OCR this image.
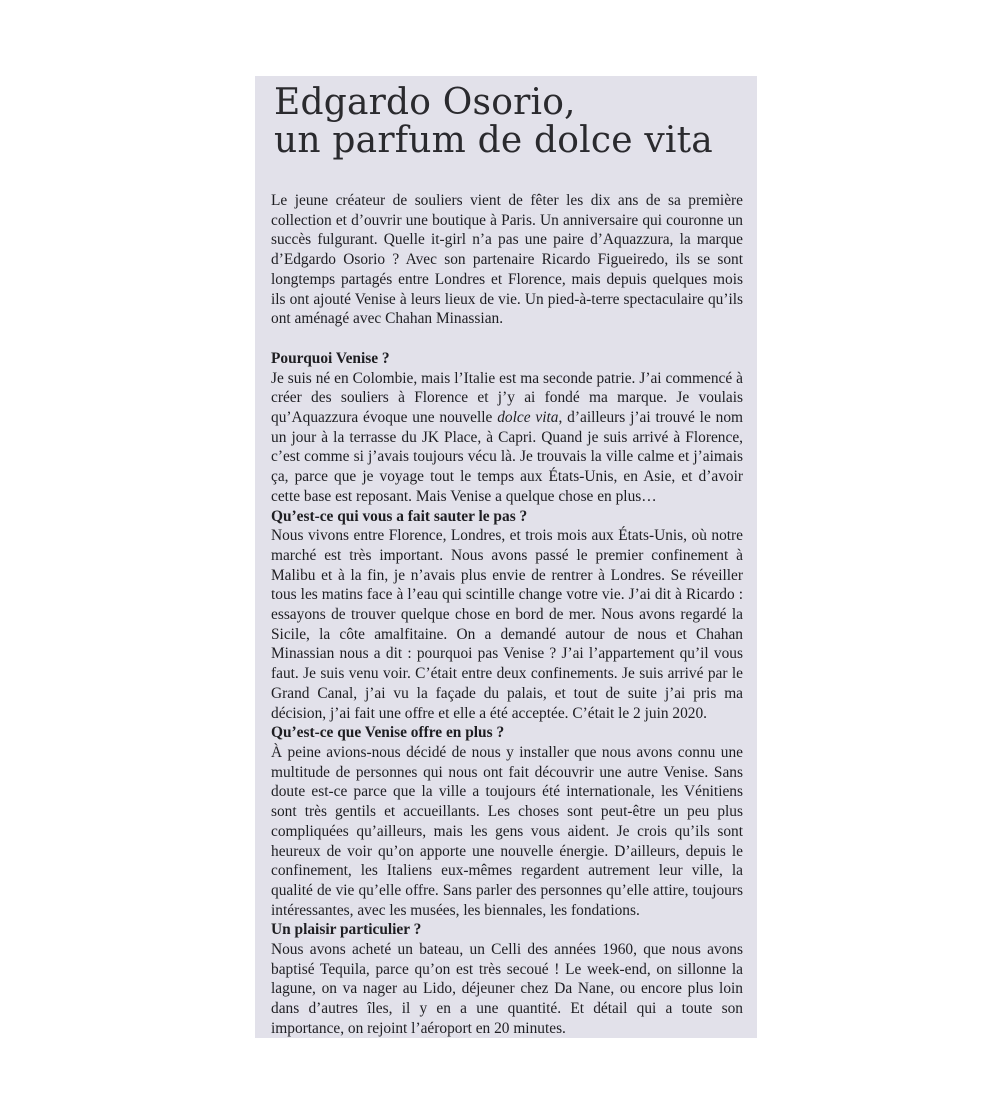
Edgardo Osorio,
un parfum de dolce vita

Le jeune créateur de souliers vient de fêter les dix ans de sa première collection et d’ouvrir une boutique à Paris. Un anniversaire qui couronne un succès fulgurant. Quelle it-girl n’a pas une paire d’Aquazzura, la marque d’Edgardo Osorio ? Avec son partenaire Ricardo Figueiredo, ils se sont longtemps partagés entre Londres et Florence, mais depuis quelques mois ils ont ajouté Venise à leurs lieux de vie. Un pied-à-terre spectaculaire qu’ils ont aménagé avec Chahan Minassian.

Pourquoi Venise ?
Je suis né en Colombie, mais l’Italie est ma seconde patrie. J’ai commencé à créer des souliers à Florence et j’y ai fondé ma marque. Je voulais qu’Aquazzura évoque une nouvelle dolce vita, d’ailleurs j’ai trouvé le nom un jour à la terrasse du JK Place, à Capri. Quand je suis arrivé à Florence, c’est comme si j’avais toujours vécu là. Je trouvais la ville calme et j’aimais ça, parce que je voyage tout le temps aux États-Unis, en Asie, et d’avoir cette base est reposant. Mais Venise a quelque chose en plus…
Qu’est-ce qui vous a fait sauter le pas ?
Nous vivons entre Florence, Londres, et trois mois aux États-Unis, où notre marché est très important. Nous avons passé le premier confinement à Malibu et à la fin, je n’avais plus envie de rentrer à Londres. Se réveiller tous les matins face à l’eau qui scintille change votre vie. J’ai dit à Ricardo : essayons de trouver quelque chose en bord de mer. Nous avons regardé la Sicile, la côte amalfitaine. On a demandé autour de nous et Chahan Minassian nous a dit : pourquoi pas Venise ? J’ai l’appartement qu’il vous faut. Je suis venu voir. C’était entre deux confinements. Je suis arrivé par le Grand Canal, j’ai vu la façade du palais, et tout de suite j’ai pris ma décision, j’ai fait une offre et elle a été acceptée. C’était le 2 juin 2020.
Qu’est-ce que Venise offre en plus ?
À peine avions-nous décidé de nous y installer que nous avons connu une multitude de personnes qui nous ont fait découvrir une autre Venise. Sans doute est-ce parce que la ville a toujours été internationale, les Vénitiens sont très gentils et accueillants. Les choses sont peut-être un peu plus compliquées qu’ailleurs, mais les gens vous aident. Je crois qu’ils sont heureux de voir qu’on apporte une nouvelle énergie. D’ailleurs, depuis le confinement, les Italiens eux-mêmes regardent autrement leur ville, la qualité de vie qu’elle offre. Sans parler des personnes qu’elle attire, toujours intéressantes, avec les musées, les biennales, les fondations.
Un plaisir particulier ?
Nous avons acheté un bateau, un Celli des années 1960, que nous avons baptisé Tequila, parce qu’on est très secoué ! Le week-end, on sillonne la lagune, on va nager au Lido, déjeuner chez Da Nane, ou encore plus loin dans d’autres îles, il y en a une quantité. Et détail qui a toute son importance, on rejoint l’aéroport en 20 minutes.
